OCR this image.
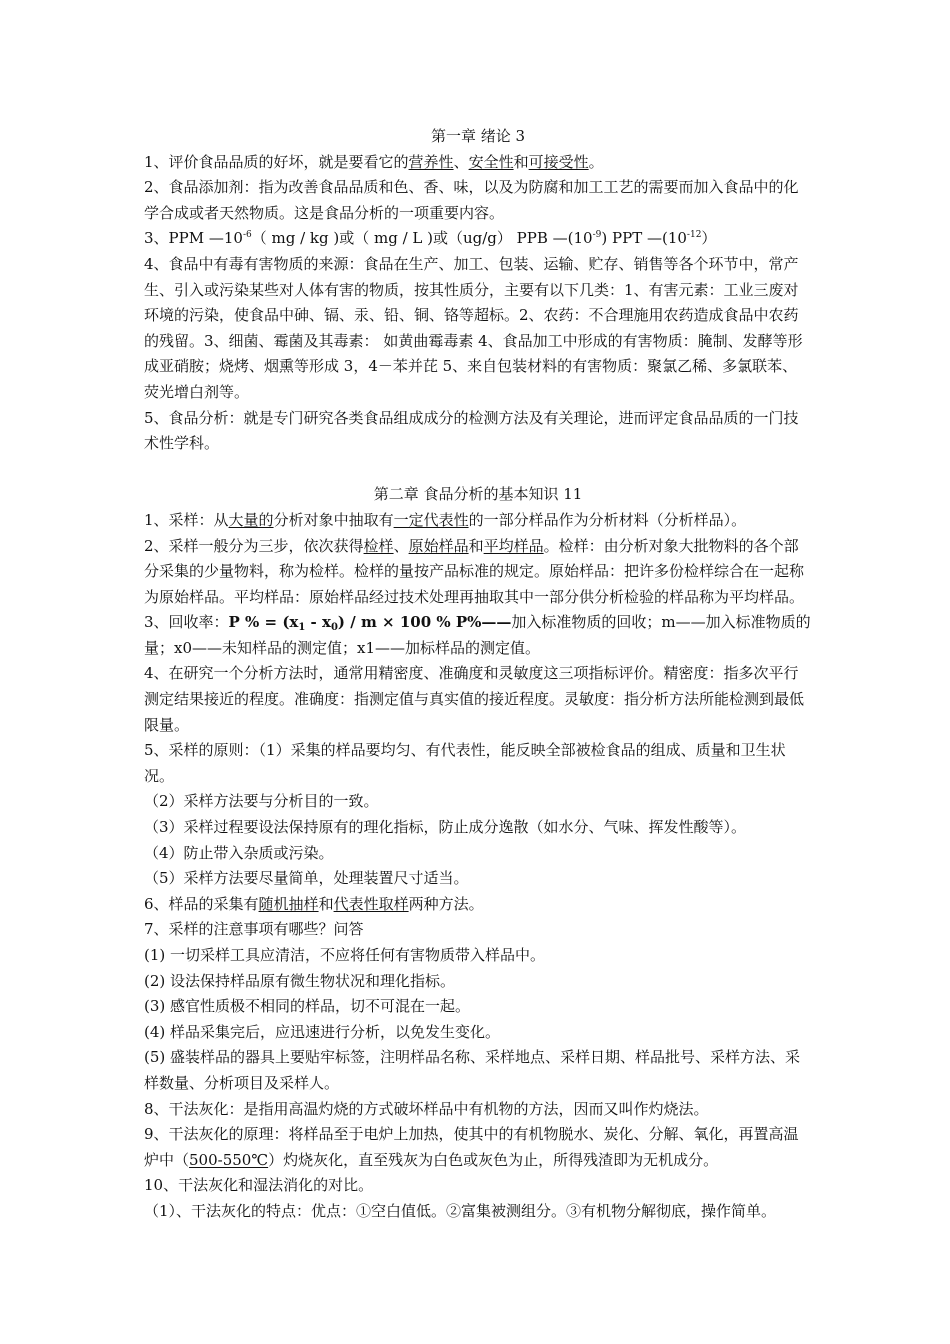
第一章 绪论 3

1、评价食品品质的好坏，就是要看它的营养性、安全性和可接受性。

2、食品添加剂：指为改善食品品质和色、香、味，以及为防腐和加工工艺的需要而加入食品中的化学合成或者天然物质。这是食品分析的一项重要内容。

3、PPM $—10^{-6}$（ mg / kg )或（ mg / L )或（ug/g） PPB $—(10^{-9})$ PPT $—(10^{-12})$

4、食品中有毒有害物质的来源：食品在生产、加工、包装、运输、贮存、销售等各个环节中，常产生、引入或污染某些对人体有害的物质，按其性质分，主要有以下几类：1、有害元素：工业三废对环境的污染，使食品中砷、镉、汞、铅、铜、铬等超标。2、农药：不合理施用农药造成食品中农药的残留。3、细菌、霉菌及其毒素： 如黄曲霉毒素 4、食品加工中形成的有害物质：腌制、发酵等形成亚硝胺；烧烤、烟熏等形成 3，4－苯并芘 5、来自包装材料的有害物质：聚氯乙稀、多氯联苯、荧光增白剂等。

5、食品分析：就是专门研究各类食品组成成分的检测方法及有关理论，进而评定食品品质的一门技术性学科。

第二章 食品分析的基本知识 11

1、采样：从大量的分析对象中抽取有一定代表性的一部分样品作为分析材料（分析样品）。

2、采样一般分为三步，依次获得检样、原始样品和平均样品。检样：由分析对象大批物料的各个部分采集的少量物料，称为检样。检样的量按产品标准的规定。原始样品：把许多份检样综合在一起称为原始样品。平均样品：原始样品经过技术处理再抽取其中一部分供分析检验的样品称为平均样品。

3、回收率：P % = $(x_1 - x_0) / m \times 100$ % P%——加入标准物质的回收；m——加入标准物质的量；x0——未知样品的测定值；x1——加标样品的测定值。

4、在研究一个分析方法时，通常用精密度、准确度和灵敏度这三项指标评价。精密度：指多次平行测定结果接近的程度。准确度：指测定值与真实值的接近程度。灵敏度：指分析方法所能检测到最低限量。

5、采样的原则：（1）采集的样品要均匀、有代表性，能反映全部被检食品的组成、质量和卫生状况。

（2）采样方法要与分析目的一致。

（3）采样过程要设法保持原有的理化指标，防止成分逸散（如水分、气味、挥发性酸等）。

（4）防止带入杂质或污染。

（5）采样方法要尽量简单，处理装置尺寸适当。

6、样品的采集有随机抽样和代表性取样两种方法。

7、采样的注意事项有哪些？问答

(1) 一切采样工具应清洁，不应将任何有害物质带入样品中。

(2) 设法保持样品原有微生物状况和理化指标。

(3) 感官性质极不相同的样品，切不可混在一起。

(4) 样品采集完后，应迅速进行分析，以免发生变化。

(5) 盛装样品的器具上要贴牢标签，注明样品名称、采样地点、采样日期、样品批号、采样方法、采样数量、分析项目及采样人。

8、干法灰化：是指用高温灼烧的方式破坏样品中有机物的方法，因而又叫作灼烧法。

9、干法灰化的原理：将样品至于电炉上加热，使其中的有机物脱水、炭化、分解、氧化，再置高温炉中（500-550℃）灼烧灰化，直至残灰为白色或灰色为止，所得残渣即为无机成分。

10、干法灰化和湿法消化的对比。

（1）、干法灰化的特点：优点：①空白值低。②富集被测组分。③有机物分解彻底，操作简单。
